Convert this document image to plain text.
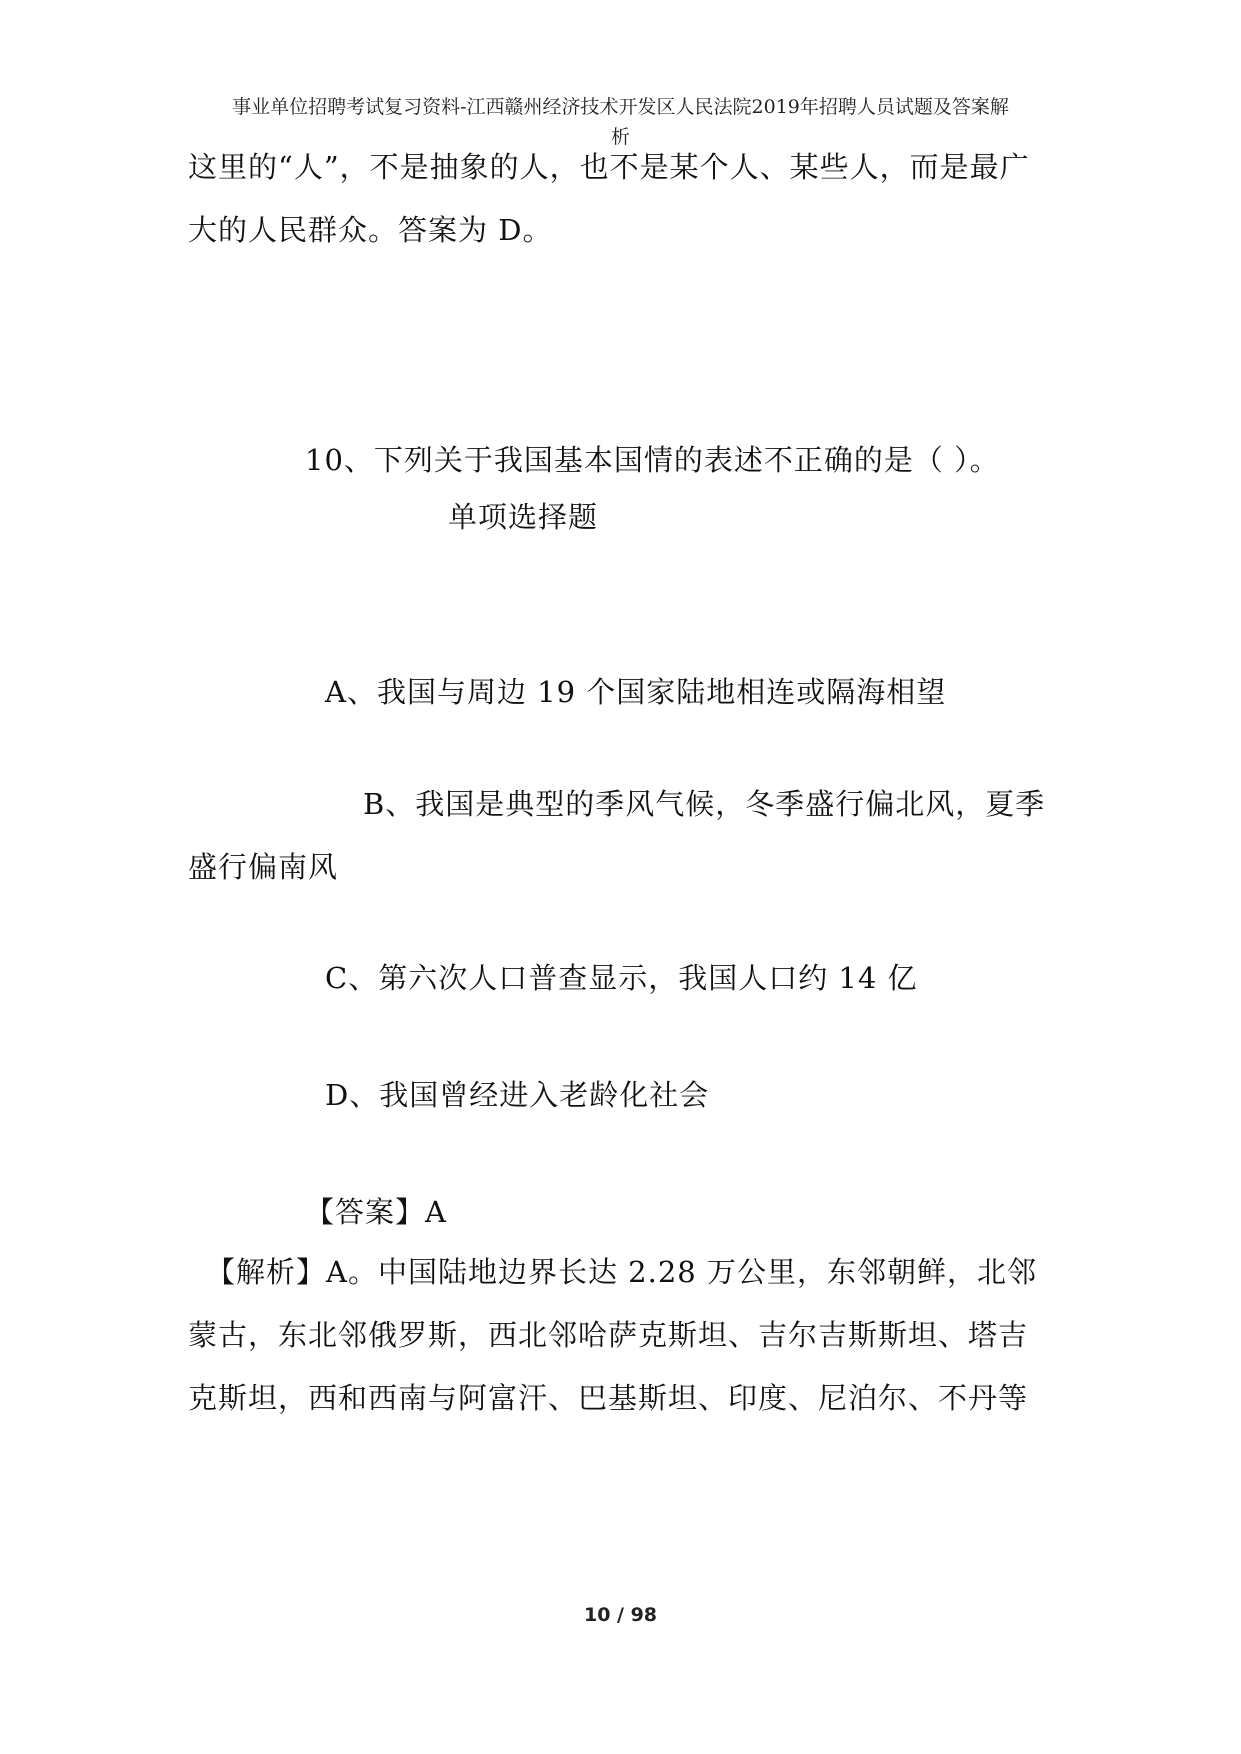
事业单位招聘考试复习资料-江西赣州经济技术开发区人民法院2019年招聘人员试题及答案解
析

这里的“人”，不是抽象的人，也不是某个人、某些人，而是最广大的人民群众。答案为 D。

10、下列关于我国基本国情的表述不正确的是（ ）。
单项选择题
A、我国与周边 19 个国家陆地相连或隔海相望

B、我国是典型的季风气候，冬季盛行偏北风，夏季盛行偏南风

C、第六次人口普查显示，我国人口约 14 亿
D、我国曾经进入老龄化社会
【答案】A

【解析】A。中国陆地边界长达 2.28 万公里，东邻朝鲜，北邻蒙古，东北邻俄罗斯，西北邻哈萨克斯坦、吉尔吉斯斯坦、塔吉克斯坦，西和西南与阿富汗、巴基斯坦、印度、尼泊尔、不丹等

10 / 98
